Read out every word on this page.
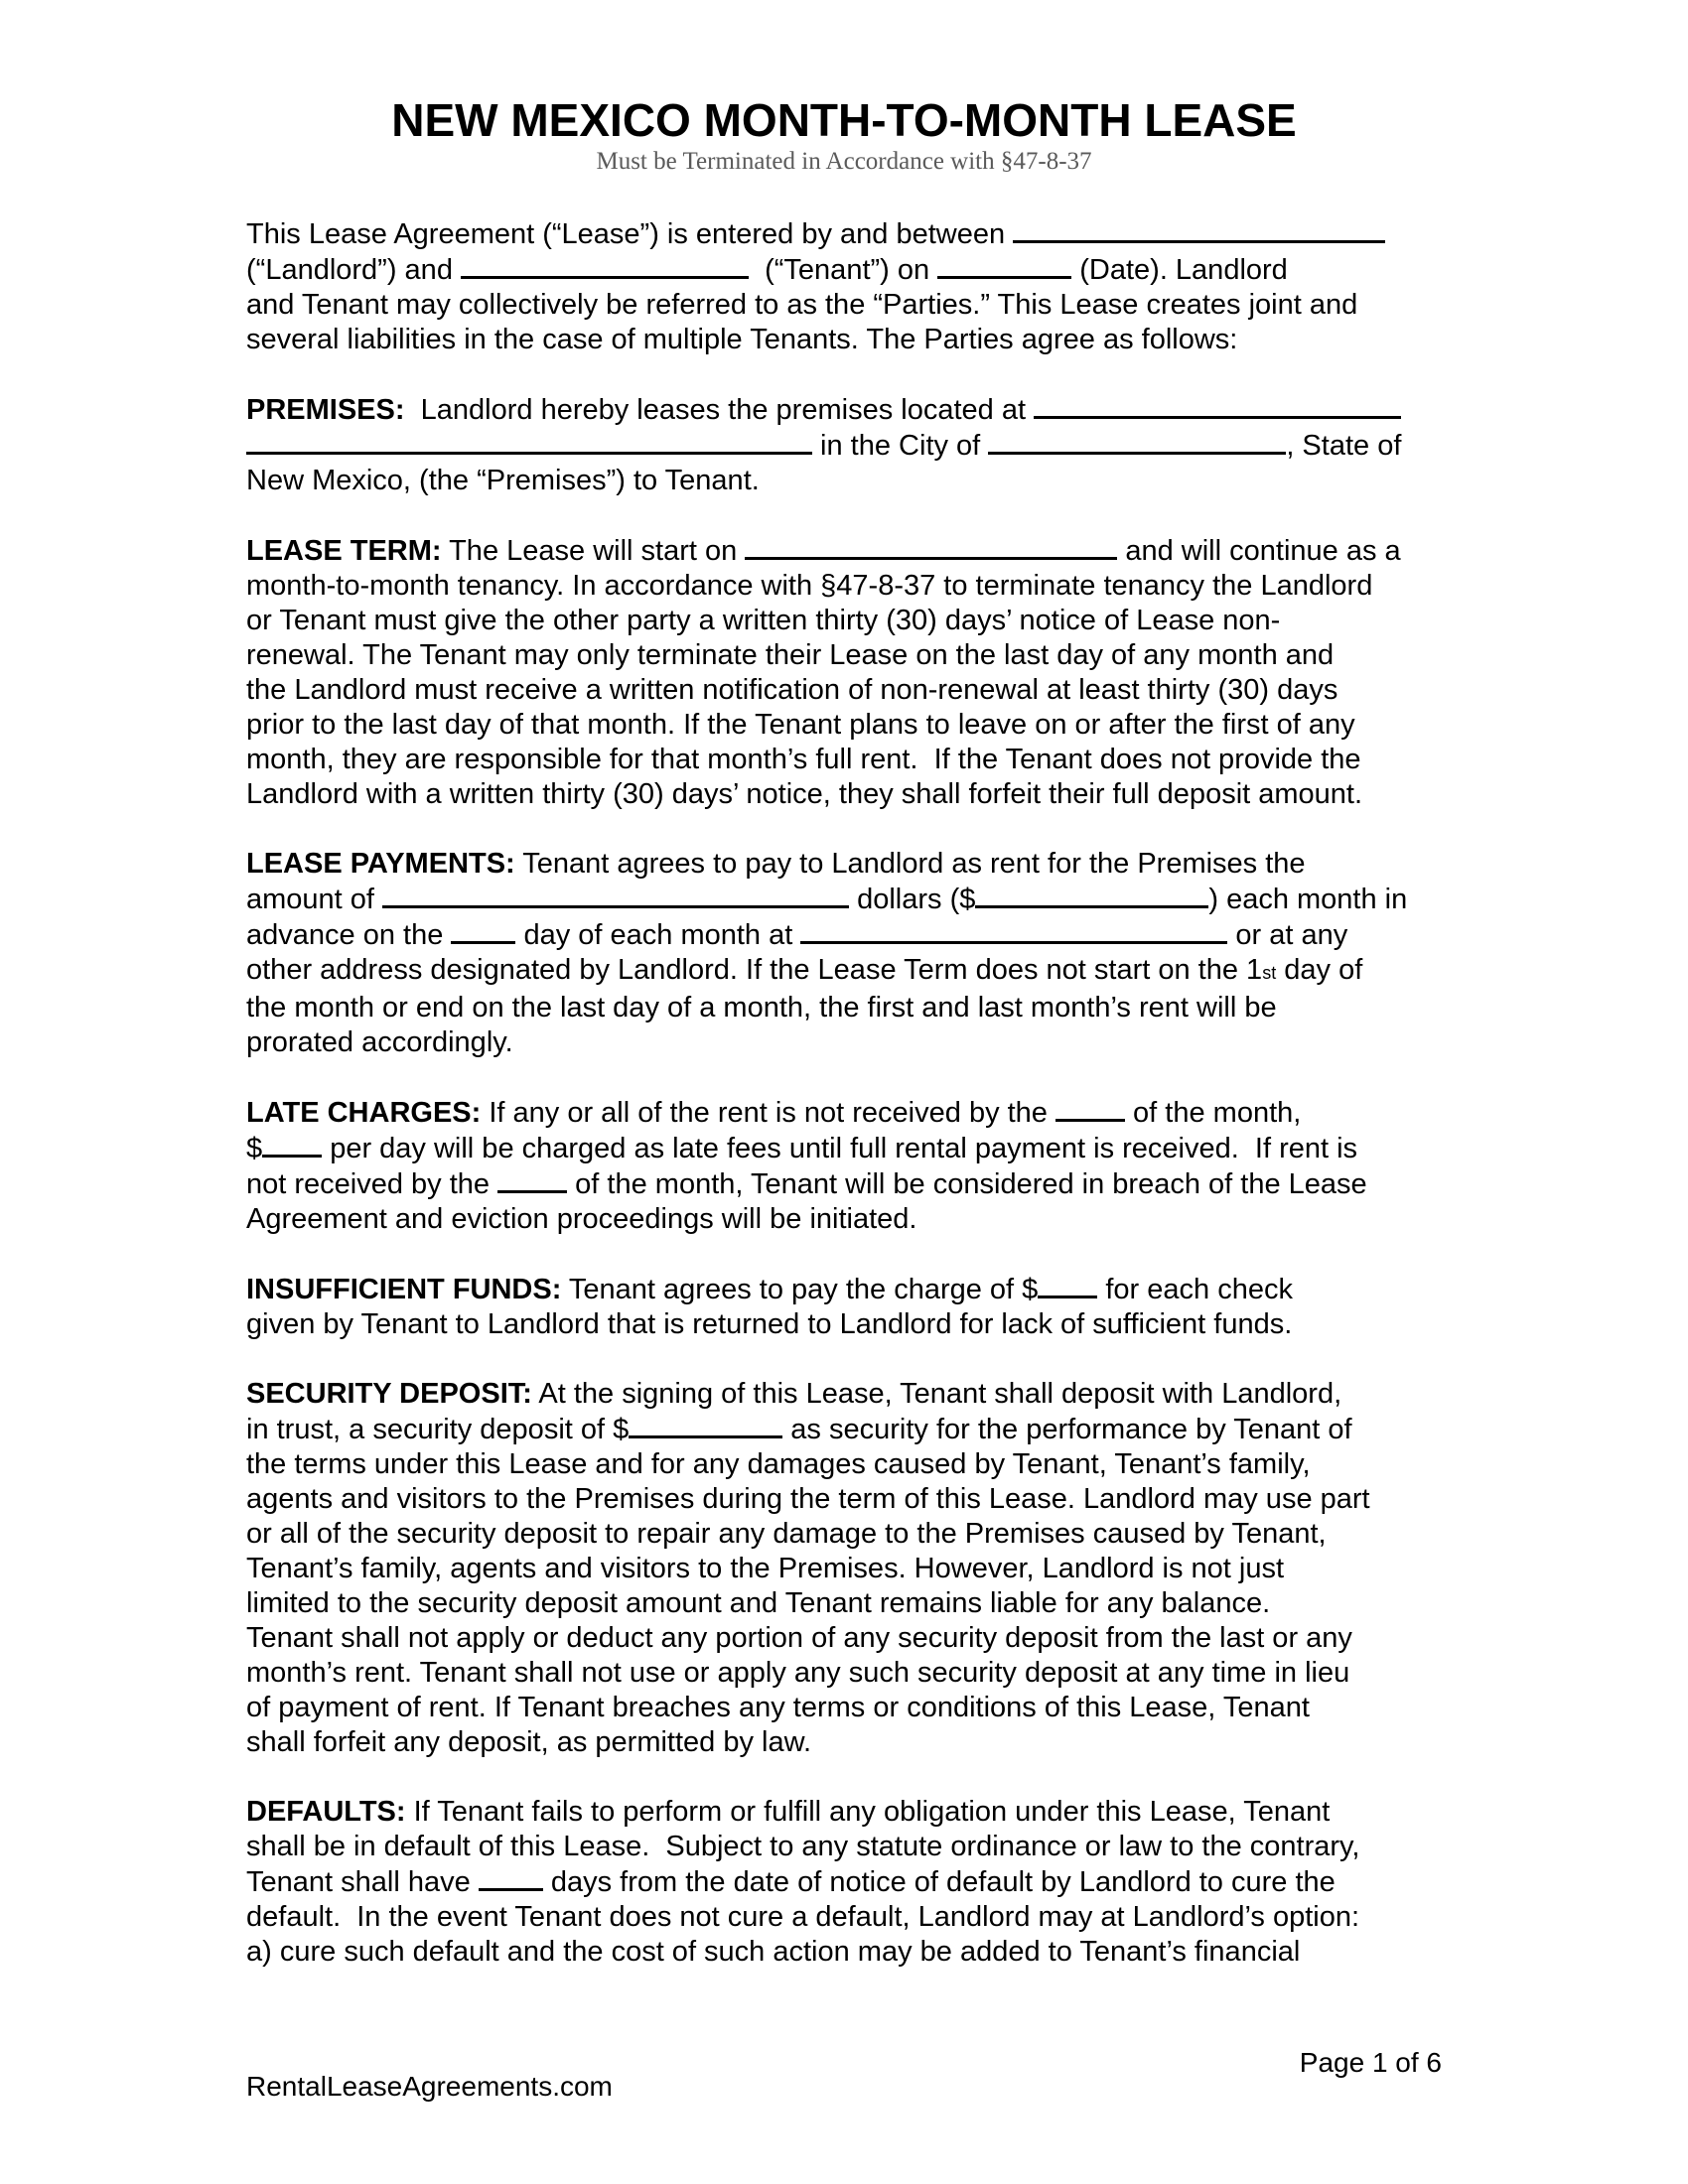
NEW MEXICO MONTH-TO-MONTH LEASE
Must be Terminated in Accordance with §47-8-37
This Lease Agreement (“Lease”) is entered by and between
(“Landlord”) and	(“Tenant”) on	(Date). Landlord
and Tenant may collectively be referred to as the “Parties.” This Lease creates joint and
several liabilities in the case of multiple Tenants. The Parties agree as follows:
PREMISES:  Landlord hereby leases the premises located at
in the City of	, State of
New Mexico, (the “Premises”) to Tenant.
LEASE TERM: The Lease will start on	and will continue as a
month-to-month tenancy. In accordance with §47-8-37 to terminate tenancy the Landlord
or Tenant must give the other party a written thirty (30) days’ notice of Lease non-
renewal. The Tenant may only terminate their Lease on the last day of any month and
the Landlord must receive a written notification of non-renewal at least thirty (30) days
prior to the last day of that month. If the Tenant plans to leave on or after the first of any
month, they are responsible for that month’s full rent.  If the Tenant does not provide the
Landlord with a written thirty (30) days’ notice, they shall forfeit their full deposit amount.
LEASE PAYMENTS: Tenant agrees to pay to Landlord as rent for the Premises the
amount of	dollars ($	) each month in
advance on the  day of each month at	or at any
other address designated by Landlord. If the Lease Term does not start on the 1st day of
the month or end on the last day of a month, the first and last month’s rent will be
prorated accordingly.
LATE CHARGES: If any or all of the rent is not received by the  of the month,
$ per day will be charged as late fees until full rental payment is received.  If rent is
not received by the  of the month, Tenant will be considered in breach of the Lease
Agreement and eviction proceedings will be initiated.
INSUFFICIENT FUNDS: Tenant agrees to pay the charge of $ for each check
given by Tenant to Landlord that is returned to Landlord for lack of sufficient funds.
SECURITY DEPOSIT: At the signing of this Lease, Tenant shall deposit with Landlord,
in trust, a security deposit of $	as security for the performance by Tenant of
the terms under this Lease and for any damages caused by Tenant, Tenant’s family,
agents and visitors to the Premises during the term of this Lease. Landlord may use part
or all of the security deposit to repair any damage to the Premises caused by Tenant,
Tenant’s family, agents and visitors to the Premises. However, Landlord is not just
limited to the security deposit amount and Tenant remains liable for any balance.
Tenant shall not apply or deduct any portion of any security deposit from the last or any
month’s rent. Tenant shall not use or apply any such security deposit at any time in lieu
of payment of rent. If Tenant breaches any terms or conditions of this Lease, Tenant
shall forfeit any deposit, as permitted by law.
DEFAULTS: If Tenant fails to perform or fulfill any obligation under this Lease, Tenant
shall be in default of this Lease.  Subject to any statute ordinance or law to the contrary,
Tenant shall have  days from the date of notice of default by Landlord to cure the
default.  In the event Tenant does not cure a default, Landlord may at Landlord’s option:
a) cure such default and the cost of such action may be added to Tenant’s financial
RentalLeaseAgreements.com
Page 1 of 6
